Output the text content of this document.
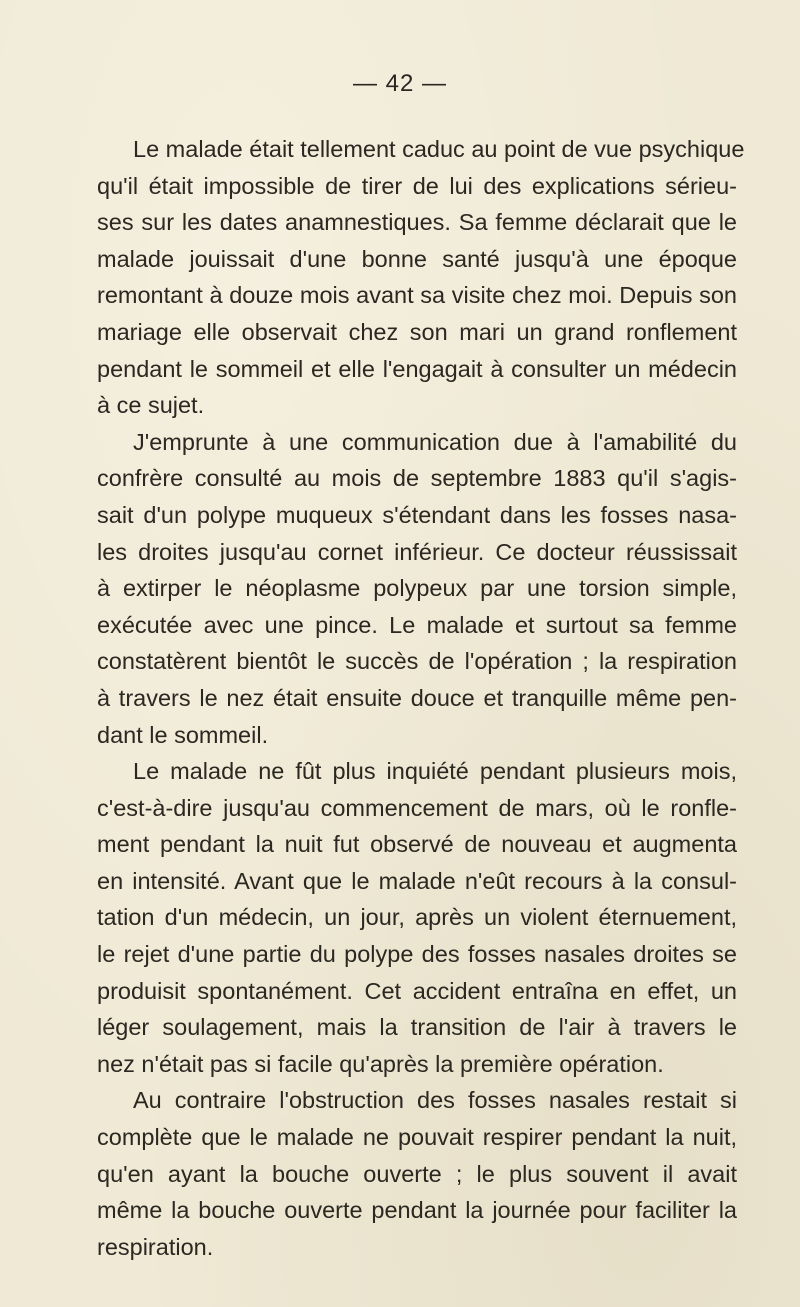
— 42 —
Le malade était tellement caduc au point de vue psychique
qu'il était impossible de tirer de lui des explications sérieu-
ses sur les dates anamnestiques. Sa femme déclarait que le
malade jouissait d'une bonne santé jusqu'à une époque
remontant à douze mois avant sa visite chez moi. Depuis son
mariage elle observait chez son mari un grand ronflement
pendant le sommeil et elle l'engagait à consulter un médecin
à ce sujet.
J'emprunte à une communication due à l'amabilité du
confrère consulté au mois de septembre 1883 qu'il s'agis-
sait d'un polype muqueux s'étendant dans les fosses nasa-
les droites jusqu'au cornet inférieur. Ce docteur réussissait
à extirper le néoplasme polypeux par une torsion simple,
exécutée avec une pince. Le malade et surtout sa femme
constatèrent bientôt le succès de l'opération ; la respiration
à travers le nez était ensuite douce et tranquille même pen-
dant le sommeil.
Le malade ne fût plus inquiété pendant plusieurs mois,
c'est-à-dire jusqu'au commencement de mars, où le ronfle-
ment pendant la nuit fut observé de nouveau et augmenta
en intensité. Avant que le malade n'eût recours à la consul-
tation d'un médecin, un jour, après un violent éternuement,
le rejet d'une partie du polype des fosses nasales droites se
produisit spontanément. Cet accident entraîna en effet, un
léger soulagement, mais la transition de l'air à travers le
nez n'était pas si facile qu'après la première opération.
Au contraire l'obstruction des fosses nasales restait si
complète que le malade ne pouvait respirer pendant la nuit,
qu'en ayant la bouche ouverte ; le plus souvent il avait
même la bouche ouverte pendant la journée pour faciliter la
respiration.
